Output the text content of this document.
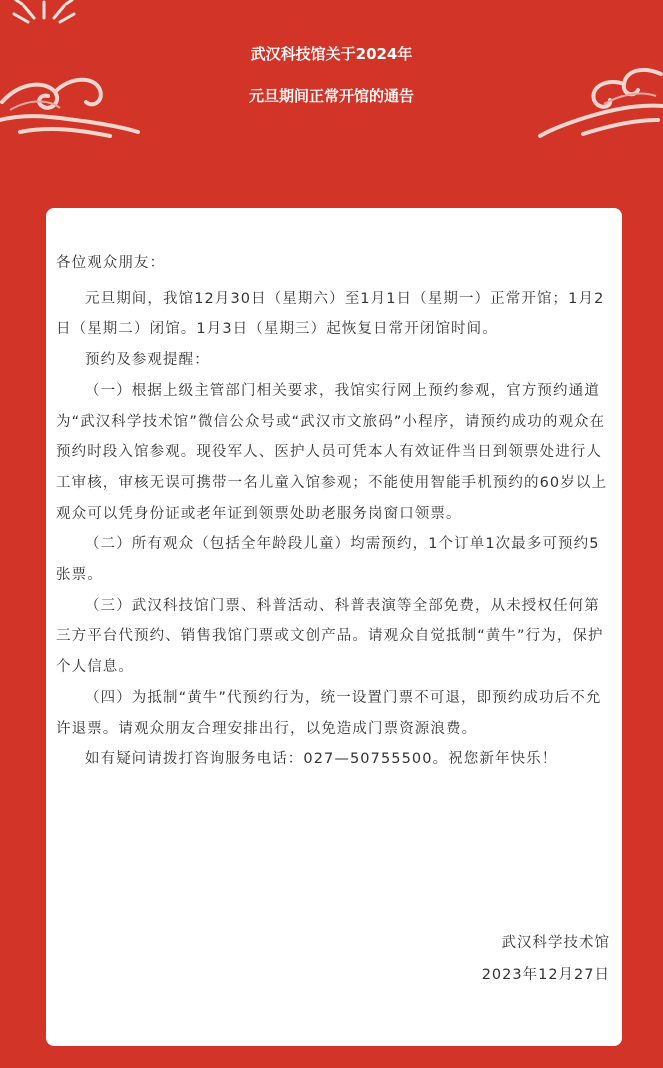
武汉科技馆关于2024年
元旦期间正常开馆的通告

各位观众朋友：

元旦期间，我馆12月30日（星期六）至1月1日（星期一）正常开馆；1月2日（星期二）闭馆。1月3日（星期三）起恢复日常开闭馆时间。

预约及参观提醒：

（一）根据上级主管部门相关要求，我馆实行网上预约参观，官方预约通道为“武汉科学技术馆”微信公众号或“武汉市文旅码”小程序，请预约成功的观众在预约时段入馆参观。现役军人、医护人员可凭本人有效证件当日到领票处进行人工审核，审核无误可携带一名儿童入馆参观；不能使用智能手机预约的60岁以上观众可以凭身份证或老年证到领票处助老服务岗窗口领票。

（二）所有观众（包括全年龄段儿童）均需预约，1个订单1次最多可预约5张票。

（三）武汉科技馆门票、科普活动、科普表演等全部免费，从未授权任何第三方平台代预约、销售我馆门票或文创产品。请观众自觉抵制“黄牛”行为，保护个人信息。

（四）为抵制“黄牛”代预约行为，统一设置门票不可退，即预约成功后不允许退票。请观众朋友合理安排出行，以免造成门票资源浪费。

如有疑问请拨打咨询服务电话：027—50755500。祝您新年快乐！

武汉科学技术馆
2023年12月27日
